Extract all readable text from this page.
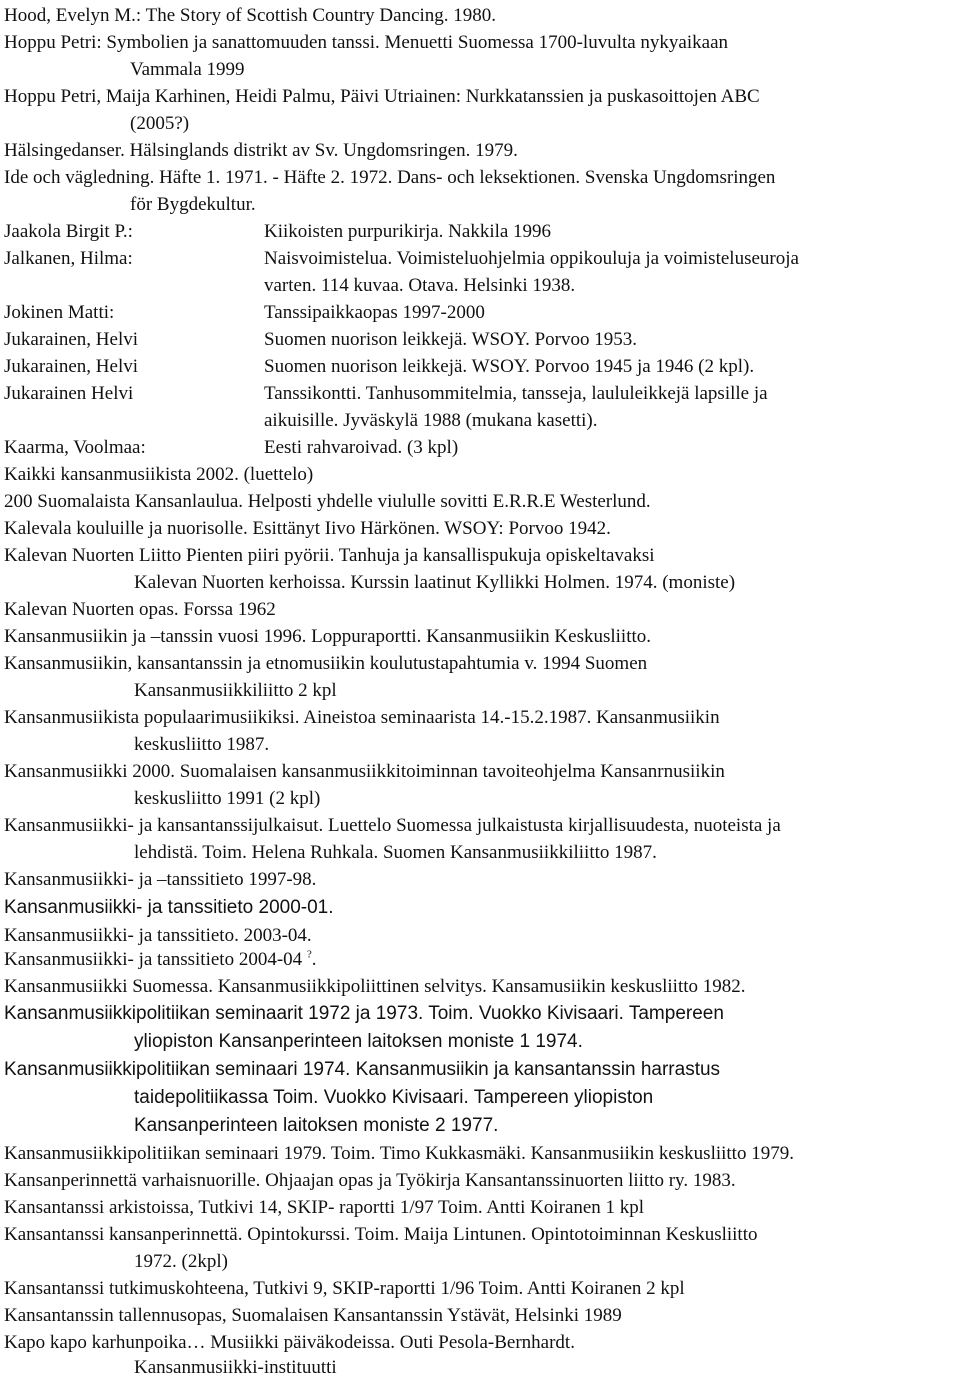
Hood, Evelyn M.: The Story of Scottish Country Dancing. 1980.
Hoppu Petri: Symbolien ja sanattomuuden tanssi. Menuetti Suomessa 1700-luvulta nykyaikaan
Vammala 1999
Hoppu Petri, Maija Karhinen, Heidi Palmu, Päivi Utriainen: Nurkkatanssien ja puskasoittojen ABC
(2005?)
Hälsingedanser. Hälsinglands distrikt av Sv. Ungdomsringen. 1979.
Ide och vägledning. Häfte 1. 1971. - Häfte 2. 1972. Dans- och leksektionen. Svenska Ungdomsringen
för Bygdekultur.
Jaakola Birgit P.:	Kiikoisten purpurikirja. Nakkila 1996
Jalkanen, Hilma:	Naisvoimistelua. Voimisteluohjelmia oppikouluja ja voimisteluseuroja
varten. 114 kuvaa. Otava. Helsinki 1938.
Jokinen Matti:	Tanssipaikkaopas 1997-2000
Jukarainen, Helvi	Suomen nuorison leikkejä. WSOY. Porvoo 1953.
Jukarainen, Helvi	Suomen nuorison leikkejä. WSOY. Porvoo 1945 ja 1946 (2 kpl).
Jukarainen Helvi	Tanssikontti. Tanhusommitelmia, tansseja, laululeikkejä lapsille ja
aikuisille. Jyväskylä 1988 (mukana kasetti).
Kaarma, Voolmaa:	Eesti rahvaroivad. (3 kpl)
Kaikki kansanmusiikista 2002. (luettelo)
200 Suomalaista Kansanlaulua. Helposti yhdelle viululle sovitti E.R.R.E Westerlund.
Kalevala kouluille ja nuorisolle. Esittänyt Iivo Härkönen. WSOY: Porvoo 1942.
Kalevan Nuorten Liitto Pienten piiri pyörii. Tanhuja ja kansallispukuja opiskeltavaksi
Kalevan Nuorten kerhoissa. Kurssin laatinut Kyllikki Holmen. 1974. (moniste)
Kalevan Nuorten opas. Forssa 1962
Kansanmusiikin ja –tanssin vuosi 1996. Loppuraportti. Kansanmusiikin Keskusliitto.
Kansanmusiikin, kansantanssin ja etnomusiikin koulutustapahtumia v. 1994 Suomen
Kansanmusiikkiliitto 2 kpl
Kansanmusiikista populaarimusiikiksi. Aineistoa seminaarista 14.-15.2.1987. Kansanmusiikin
keskusliitto 1987.
Kansanmusiikki 2000. Suomalaisen kansanmusiikkitoiminnan tavoiteohjelma Kansanrnusiikin
keskusliitto 1991 (2 kpl)
Kansanmusiikki- ja kansantanssijulkaisut. Luettelo Suomessa julkaistusta kirjallisuudesta, nuoteista ja
lehdistä. Toim. Helena Ruhkala. Suomen Kansanmusiikkiliitto 1987.
Kansanmusiikki- ja –tanssitieto 1997-98.
Kansanmusiikki- ja tanssitieto 2000-01.
Kansanmusiikki- ja tanssitieto. 2003-04.
Kansanmusiikki- ja tanssitieto 2004-04 ?.
Kansanmusiikki Suomessa. Kansanmusiikkipoliittinen selvitys. Kansamusiikin keskusliitto 1982.
Kansanmusiikkipolitiikan seminaarit 1972 ja 1973. Toim. Vuokko Kivisaari. Tampereen
yliopiston Kansanperinteen laitoksen moniste 1 1974.
Kansanmusiikkipolitiikan seminaari 1974. Kansanmusiikin ja kansantanssin harrastus
taidepolitiikassa Toim. Vuokko Kivisaari. Tampereen yliopiston
Kansanperinteen laitoksen moniste 2 1977.
Kansanmusiikkipolitiikan seminaari 1979. Toim. Timo Kukkasmäki. Kansanmusiikin keskusliitto 1979.
Kansanperinnettä varhaisnuorille. Ohjaajan opas ja Työkirja Kansantanssinuorten liitto ry. 1983.
Kansantanssi arkistoissa, Tutkivi 14, SKIP- raportti 1/97 Toim. Antti Koiranen 1 kpl
Kansantanssi kansanperinnettä. Opintokurssi. Toim. Maija Lintunen. Opintotoiminnan Keskusliitto
1972. (2kpl)
Kansantanssi tutkimuskohteena, Tutkivi 9, SKIP-raportti 1/96 Toim. Antti Koiranen 2 kpl
Kansantanssin tallennusopas, Suomalaisen Kansantanssin Ystävät, Helsinki 1989
Kapo kapo karhunpoika… Musiikki päiväkodeissa. Outi Pesola-Bernhardt.
Kansanmusiikki-instituutti
